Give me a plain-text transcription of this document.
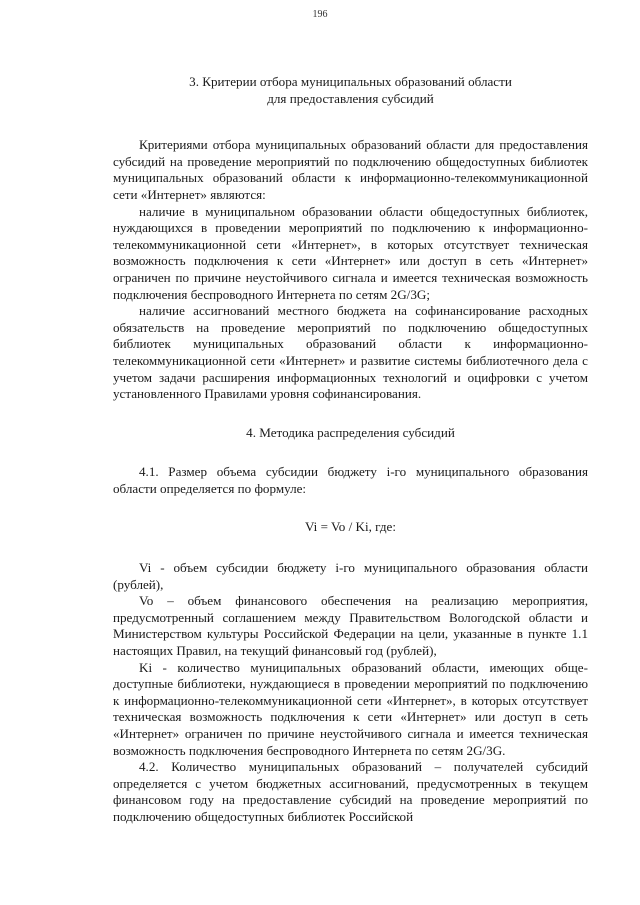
196
3. Критерии отбора муниципальных образований области
для предоставления субсидий

Критериями отбора муниципальных образований области для предоставления субсидий на проведение мероприятий по подключению общедоступных библиотек муниципальных образований области к информационно-телекоммуникационной сети «Интернет» являются:

наличие в муниципальном образовании области общедоступных библиотек, нуждающихся в проведении мероприятий по подключению к информационно-телекоммуникационной сети «Интернет», в которых отсутствует техническая возможность подключения к сети «Интернет» или доступ в сеть «Интернет» ограничен по причине неустойчивого сигнала и имеется техническая возможность подключения беспроводного Интернета по сетям 2G/3G;

наличие ассигнований местного бюджета на софинансирование расходных обязательств на проведение мероприятий по подключению общедоступных библиотек муниципальных образований области к информационно-телекоммуникационной сети «Интернет» и развитие системы библиотечного дела с учетом задачи расширения информационных технологий и оцифровки с учетом установленного Правилами уровня софинансирования.

4. Методика распределения субсидий

4.1. Размер объема субсидии бюджету i-го муниципального образования области определяется по формуле:

Vi = Vo / Ki, где:

Vi - объем субсидии бюджету i-го муниципального образования области (рублей),

Vo – объем финансового обеспечения на реализацию мероприятия, предусмотренный соглашением между Правительством Вологодской области и Министерством культуры Российской Федерации на цели, указанные в пункте 1.1 настоящих Правил, на текущий финансовый год (рублей),

Ki - количество муниципальных образований области, имеющих общедоступные библиотеки, нуждающиеся в проведении мероприятий по подключению к информационно-телекоммуникационной сети «Интернет», в которых отсутствует техническая возможность подключения к сети «Интернет» или доступ в сеть «Интернет» ограничен по причине неустойчивого сигнала и имеется техническая возможность подключения беспроводного Интернета по сетям 2G/3G.

4.2. Количество муниципальных образований – получателей субсидий определяется с учетом бюджетных ассигнований, предусмотренных в текущем финансовом году на предоставление субсидий на проведение мероприятий по подключению общедоступных библиотек Российской
